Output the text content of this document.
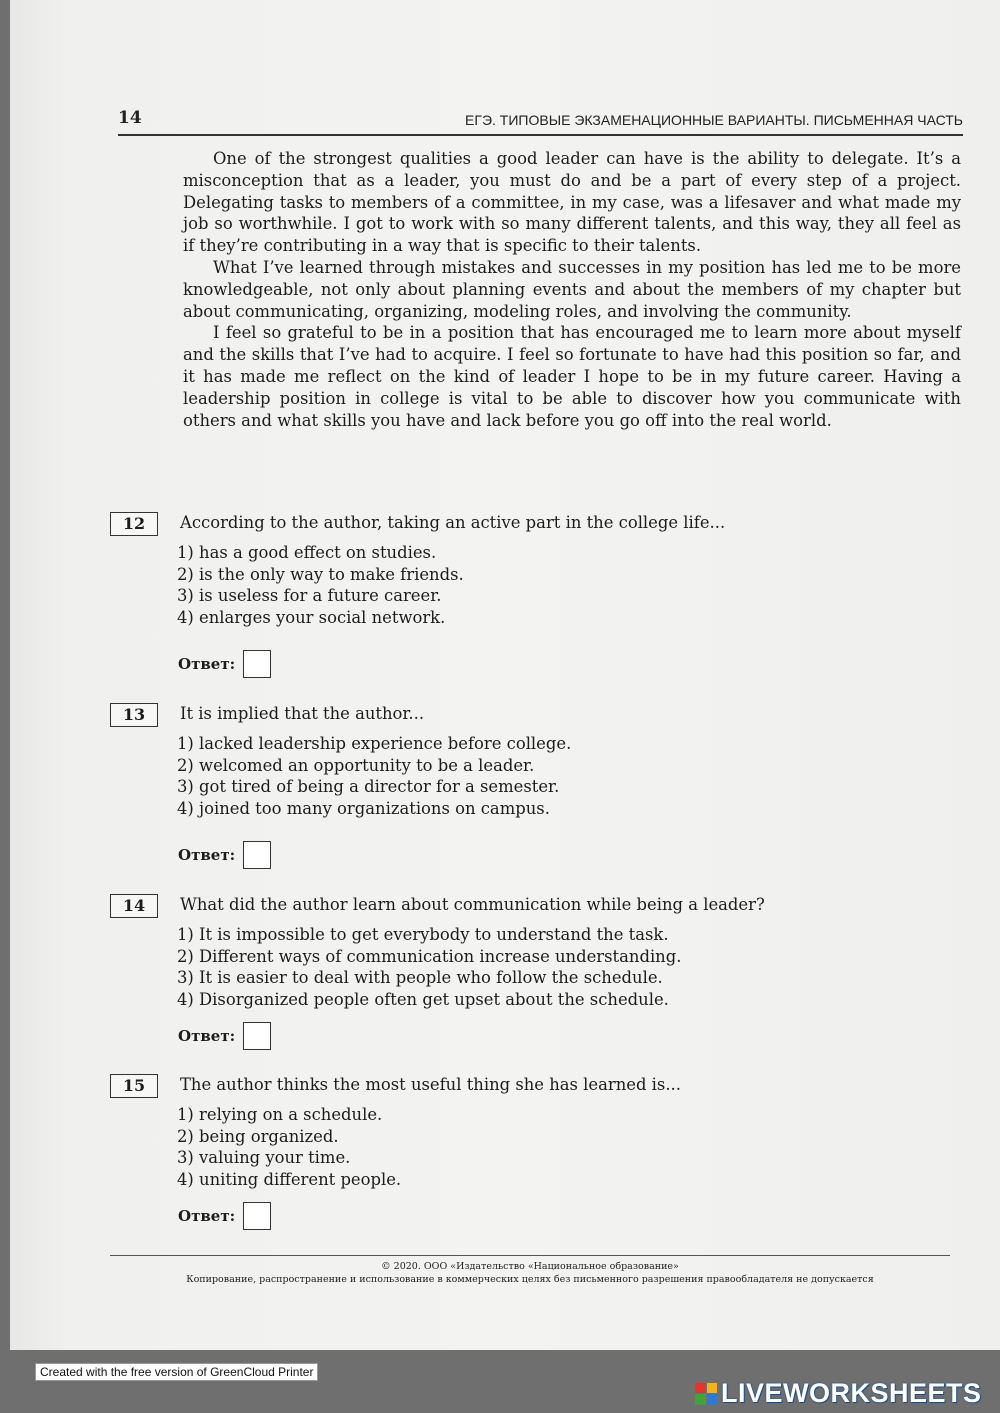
14	ЕГЭ. ТИПОВЫЕ ЭКЗАМЕНАЦИОННЫЕ ВАРИАНТЫ. ПИСЬМЕННАЯ ЧАСТЬ

One of the strongest qualities a good leader can have is the ability to delegate. It’s a misconception that as a leader, you must do and be a part of every step of a project. Delegating tasks to members of a committee, in my case, was a lifesaver and what made my job so worthwhile. I got to work with so many different talents, and this way, they all feel as if they’re contributing in a way that is specific to their talents.

What I’ve learned through mistakes and successes in my position has led me to be more knowledgeable, not only about planning events and about the members of my chapter but about communicating, organizing, modeling roles, and involving the community.

I feel so grateful to be in a position that has encouraged me to learn more about myself and the skills that I’ve had to acquire. I feel so fortunate to have had this position so far, and it has made me reflect on the kind of leader I hope to be in my future career. Having a leadership position in college is vital to be able to discover how you communicate with others and what skills you have and lack before you go off into the real world.

12	According to the author, taking an active part in the college life...
1) has a good effect on studies.
2) is the only way to make friends.
3) is useless for a future career.
4) enlarges your social network.
Ответ:
13	It is implied that the author...
1) lacked leadership experience before college.
2) welcomed an opportunity to be a leader.
3) got tired of being a director for a semester.
4) joined too many organizations on campus.
Ответ:
14	What did the author learn about communication while being a leader?
1) It is impossible to get everybody to understand the task.
2) Different ways of communication increase understanding.
3) It is easier to deal with people who follow the schedule.
4) Disorganized people often get upset about the schedule.
Ответ:
15	The author thinks the most useful thing she has learned is...
1) relying on a schedule.
2) being organized.
3) valuing your time.
4) uniting different people.
Ответ:
© 2020. ООО «Издательство «Национальное образование»
Копирование, распространение и использование в коммерческих целях без письменного разрешения правообладателя не допускается
Created with the free version of GreenCloud Printer
LIVEWORKSHEETS
